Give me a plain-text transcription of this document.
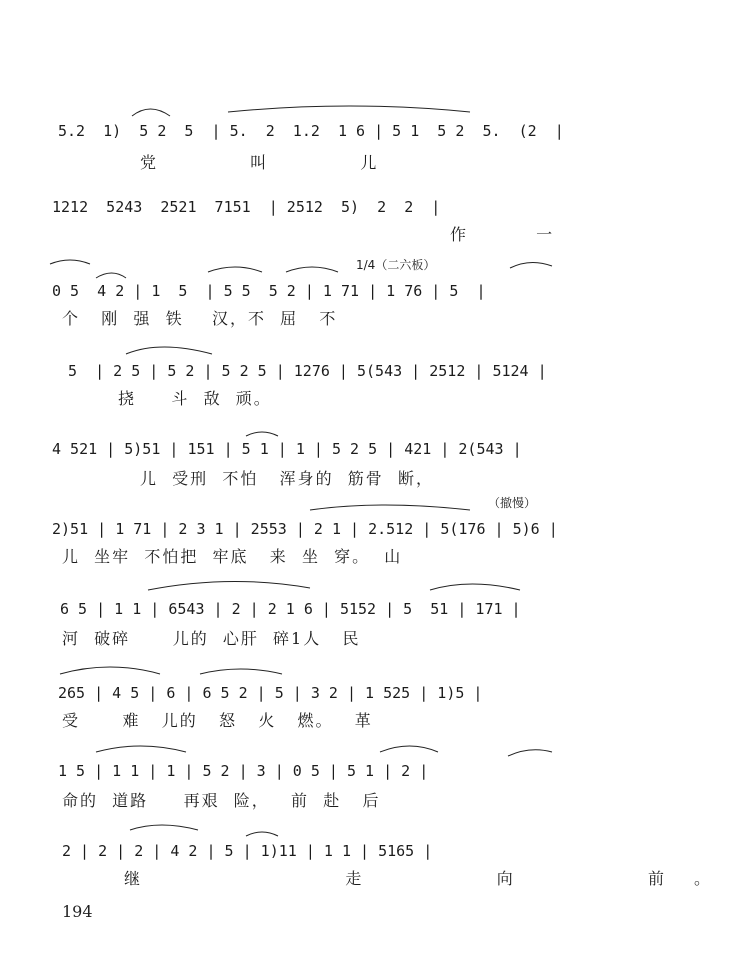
5.2  1)  5 2  5  | 5.  2  1.2  1 6 | 5 1  5 2  5.  (2  |
党  叫  儿
1212  5243  2521  7151  | 2512  5)  2  2  |
作  一
1/4（二六板）
0 5  4 2 | 1  5  | 5 5  5 2 | 1 71 | 1 76 | 5  |
个   刚  强  铁    汉，不  屈   不
5  | 2 5 | 5 2 | 5 2 5 | 1276 | 5(543 | 2512 | 5124 |
挠     斗  敌  顽。
4 521 | 5)51 | 151 | 5 1 | 1 | 5 2 5 | 421 | 2(543 |
儿  受刑  不怕   浑身的  筋骨  断，
（撤慢）
2)51 | 1 71 | 2 3 1 | 2553 | 2 1 | 2.512 | 5(176 | 5)6 |
儿  坐牢  不怕把  牢底   来  坐  穿。  山
6 5 | 1 1 | 6543 | 2 | 2 1 6 | 5152 | 5  51 | 171 |
河  破碎      儿的  心肝  碎1人   民
265 | 4 5 | 6 | 6 5 2 | 5 | 3 2 | 1 525 | 1)5 |
受      难   儿的   怒   火   燃。   革
1 5 | 1 1 | 1 | 5 2 | 3 | 0 5 | 5 1 | 2 |
命的  道路     再艰  险，   前  赴   后
2 | 2 | 2 | 4 2 | 5 | 1)11 | 1 1 | 5165 |
继     走   向   前。
194
